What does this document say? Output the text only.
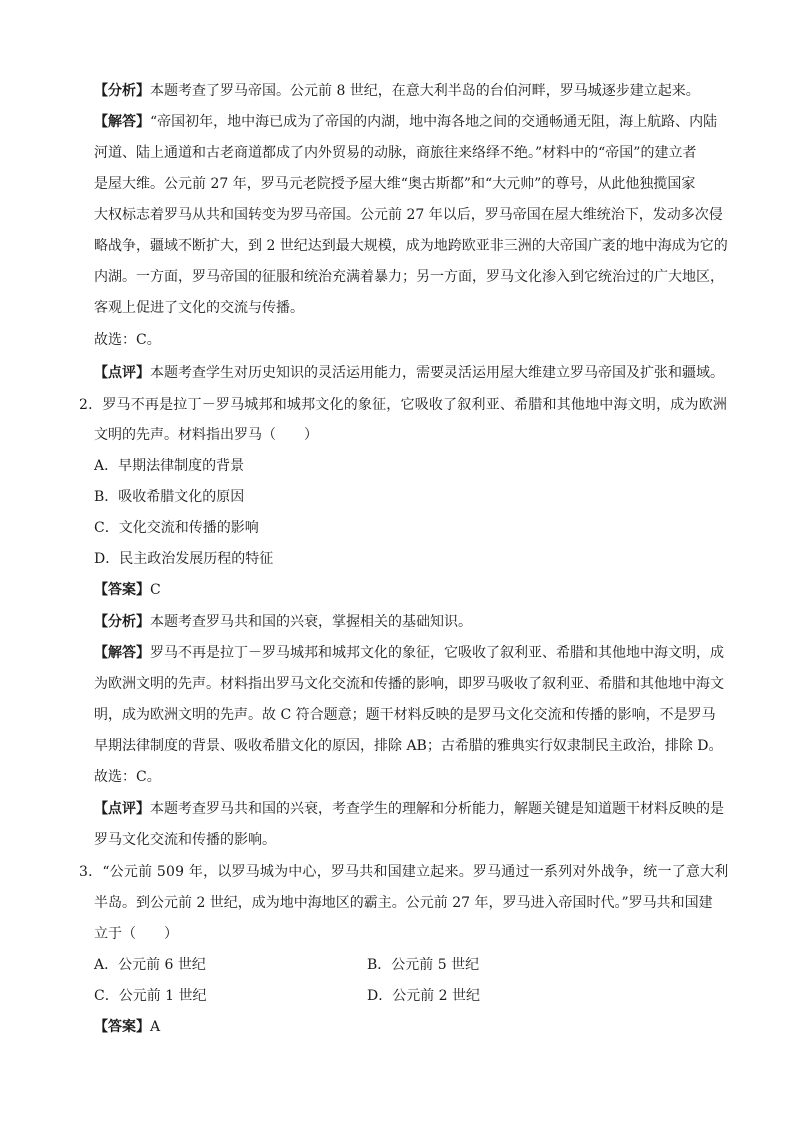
【分析】本题考查了罗马帝国。公元前 8 世纪，在意大利半岛的台伯河畔，罗马城逐步建立起来。
【解答】“帝国初年，地中海已成为了帝国的内湖，地中海各地之间的交通畅通无阻，海上航路、内陆
河道、陆上通道和古老商道都成了内外贸易的动脉，商旅往来络绎不绝。”材料中的“帝国”的建立者
是屋大维。公元前 27 年，罗马元老院授予屋大维“奥古斯都”和“大元帅”的尊号，从此他独揽国家
大权标志着罗马从共和国转变为罗马帝国。公元前 27 年以后，罗马帝国在屋大维统治下，发动多次侵
略战争，疆域不断扩大，到 2 世纪达到最大规模，成为地跨欧亚非三洲的大帝国广袤的地中海成为它的
内湖。一方面，罗马帝国的征服和统治充满着暴力；另一方面，罗马文化渗入到它统治过的广大地区，
客观上促进了文化的交流与传播。
故选：C。
【点评】本题考查学生对历史知识的灵活运用能力，需要灵活运用屋大维建立罗马帝国及扩张和疆域。
2．罗马不再是拉丁－罗马城邦和城邦文化的象征，它吸收了叙利亚、希腊和其他地中海文明，成为欧洲
文明的先声。材料指出罗马（　　）
A．早期法律制度的背景
B．吸收希腊文化的原因
C．文化交流和传播的影响
D．民主政治发展历程的特征
【答案】C
【分析】本题考查罗马共和国的兴衰，掌握相关的基础知识。
【解答】罗马不再是拉丁－罗马城邦和城邦文化的象征，它吸收了叙利亚、希腊和其他地中海文明，成
为欧洲文明的先声。材料指出罗马文化交流和传播的影响，即罗马吸收了叙利亚、希腊和其他地中海文
明，成为欧洲文明的先声。故 C 符合题意；题干材料反映的是罗马文化交流和传播的影响，不是罗马
早期法律制度的背景、吸收希腊文化的原因，排除 AB；古希腊的雅典实行奴隶制民主政治，排除 D。
故选：C。
【点评】本题考查罗马共和国的兴衰，考查学生的理解和分析能力，解题关键是知道题干材料反映的是
罗马文化交流和传播的影响。
3．“公元前 509 年，以罗马城为中心，罗马共和国建立起来。罗马通过一系列对外战争，统一了意大利
半岛。到公元前 2 世纪，成为地中海地区的霸主。公元前 27 年，罗马进入帝国时代。”罗马共和国建
立于（　　）
A．公元前 6 世纪	B．公元前 5 世纪
C．公元前 1 世纪	D．公元前 2 世纪
【答案】A
